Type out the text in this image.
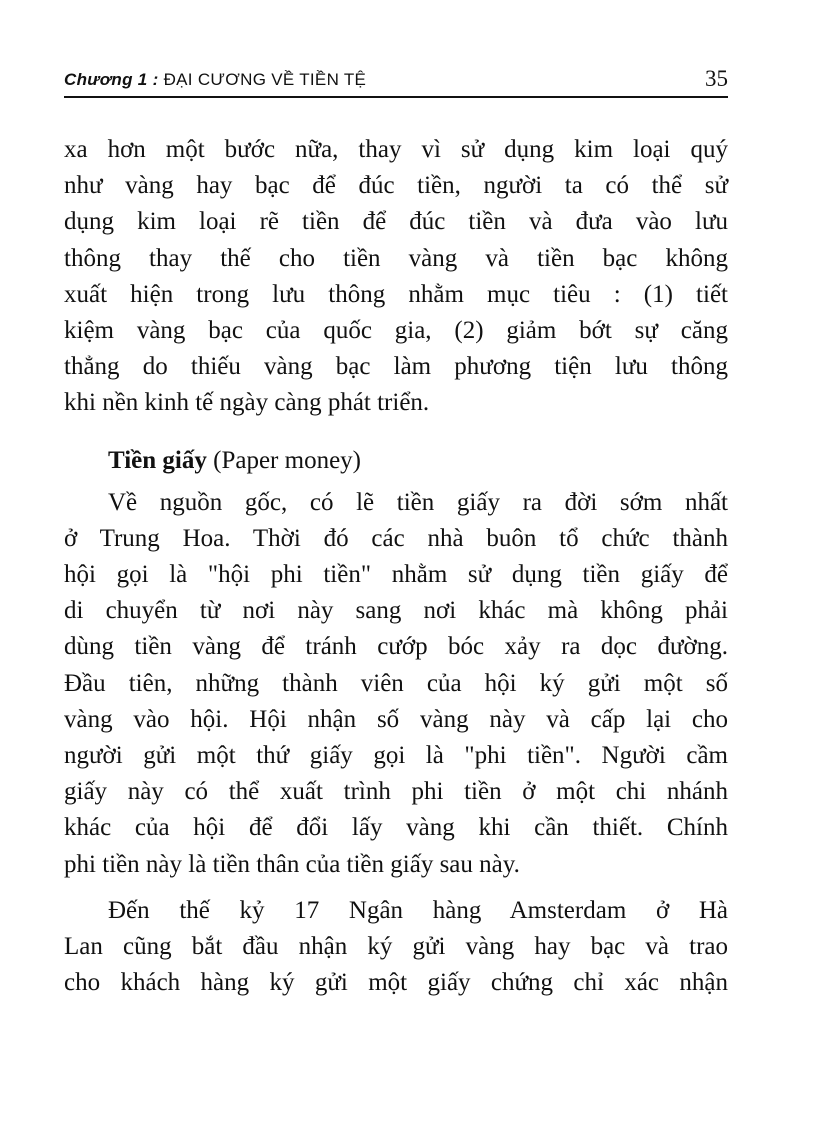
Chương 1 : ĐẠI CƯƠNG VỀ TIỀN TỆ	35
xa hơn một bước nữa, thay vì sử dụng kim loại quý
như vàng hay bạc để đúc tiền, người ta có thể sử
dụng kim loại rẽ tiền để đúc tiền và đưa vào lưu
thông thay thế cho tiền vàng và tiền bạc không
xuất hiện trong lưu thông nhằm mục tiêu : (1) tiết
kiệm vàng bạc của quốc gia, (2) giảm bớt sự căng
thẳng do thiếu vàng bạc làm phương tiện lưu thông
khi nền kinh tế ngày càng phát triển.
Tiền giấy (Paper money)
Về nguồn gốc, có lẽ tiền giấy ra đời sớm nhất
ở Trung Hoa. Thời đó các nhà buôn tổ chức thành
hội gọi là "hội phi tiền" nhằm sử dụng tiền giấy để
di chuyển từ nơi này sang nơi khác mà không phải
dùng tiền vàng để tránh cướp bóc xảy ra dọc đường.
Đầu tiên, những thành viên của hội ký gửi một số
vàng vào hội. Hội nhận số vàng này và cấp lại cho
người gửi một thứ giấy gọi là "phi tiền". Người cầm
giấy này có thể xuất trình phi tiền ở một chi nhánh
khác của hội để đổi lấy vàng khi cần thiết. Chính
phi tiền này là tiền thân của tiền giấy sau này.
Đến thế kỷ 17 Ngân hàng Amsterdam ở Hà
Lan cũng bắt đầu nhận ký gửi vàng hay bạc và trao
cho khách hàng ký gửi một giấy chứng chỉ xác nhận
